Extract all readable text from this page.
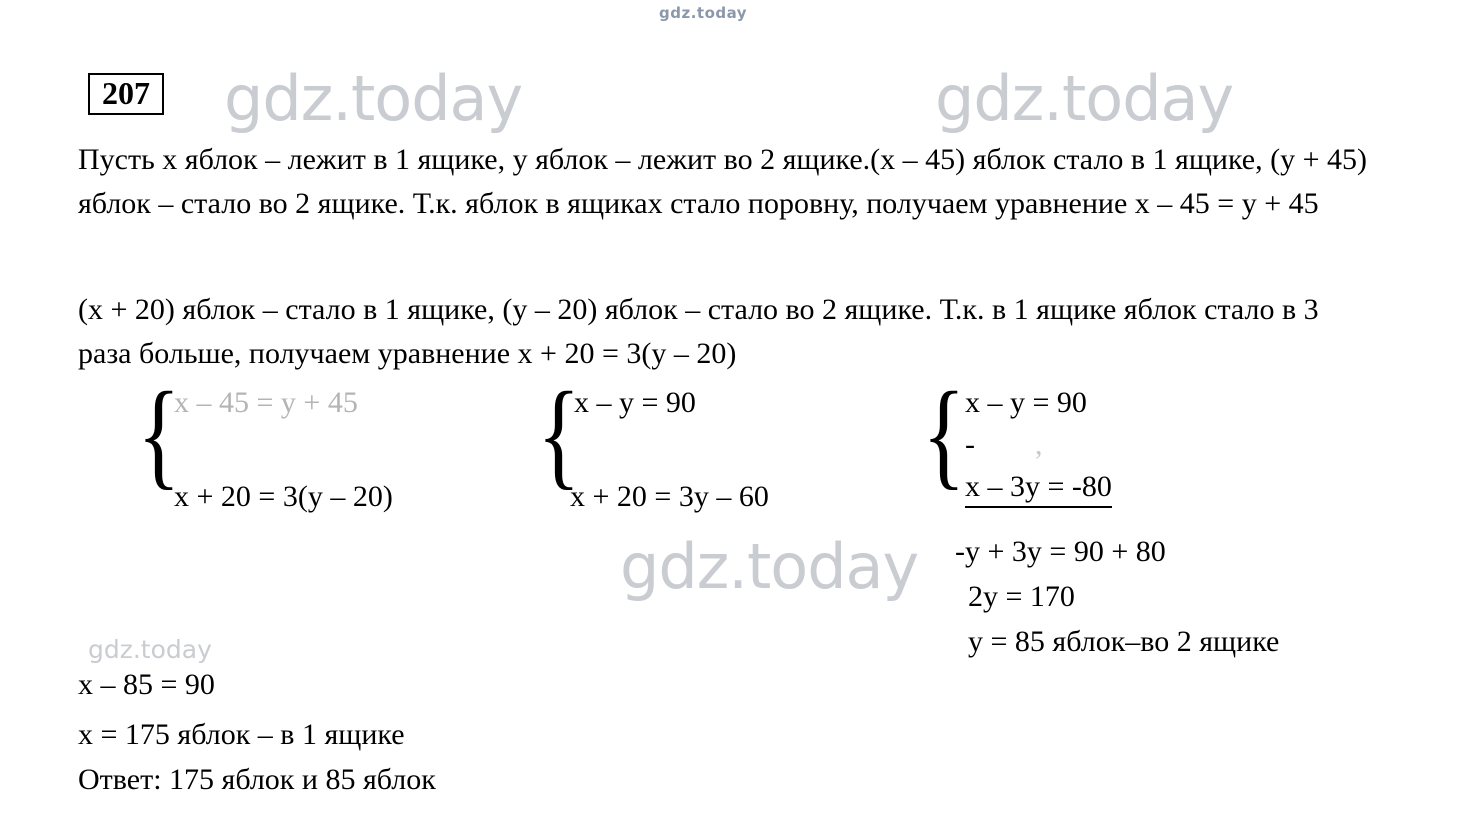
gdz.today
gdz.today	gdz.today
gdz.today
gdz.today
207
Пусть x яблок – лежит в 1 ящике, y яблок – лежит во 2 ящике.(x – 45) яблок стало в 1 ящике, (y + 45) яблок – стало во 2 ящике. Т.к. яблок в ящиках стало поровну, получаем уравнение x – 45 = y + 45
(x + 20) яблок – стало в 1 ящике, (y – 20) яблок – стало во 2 ящике. Т.к. в 1 ящике яблок стало в 3 раза больше, получаем уравнение x + 20 = 3(y – 20)
{
x – 45 = y + 45
x + 20 = 3(y – 20) {
x – y = 90
x + 20 = 3y – 60 { x – y = 90
- ,
x – 3y = -80
-y + 3y = 90 + 80
2y = 170
y = 85 яблок–во 2 ящике
x – 85 = 90
x = 175 яблок – в 1 ящике
Ответ: 175 яблок и 85 яблок
